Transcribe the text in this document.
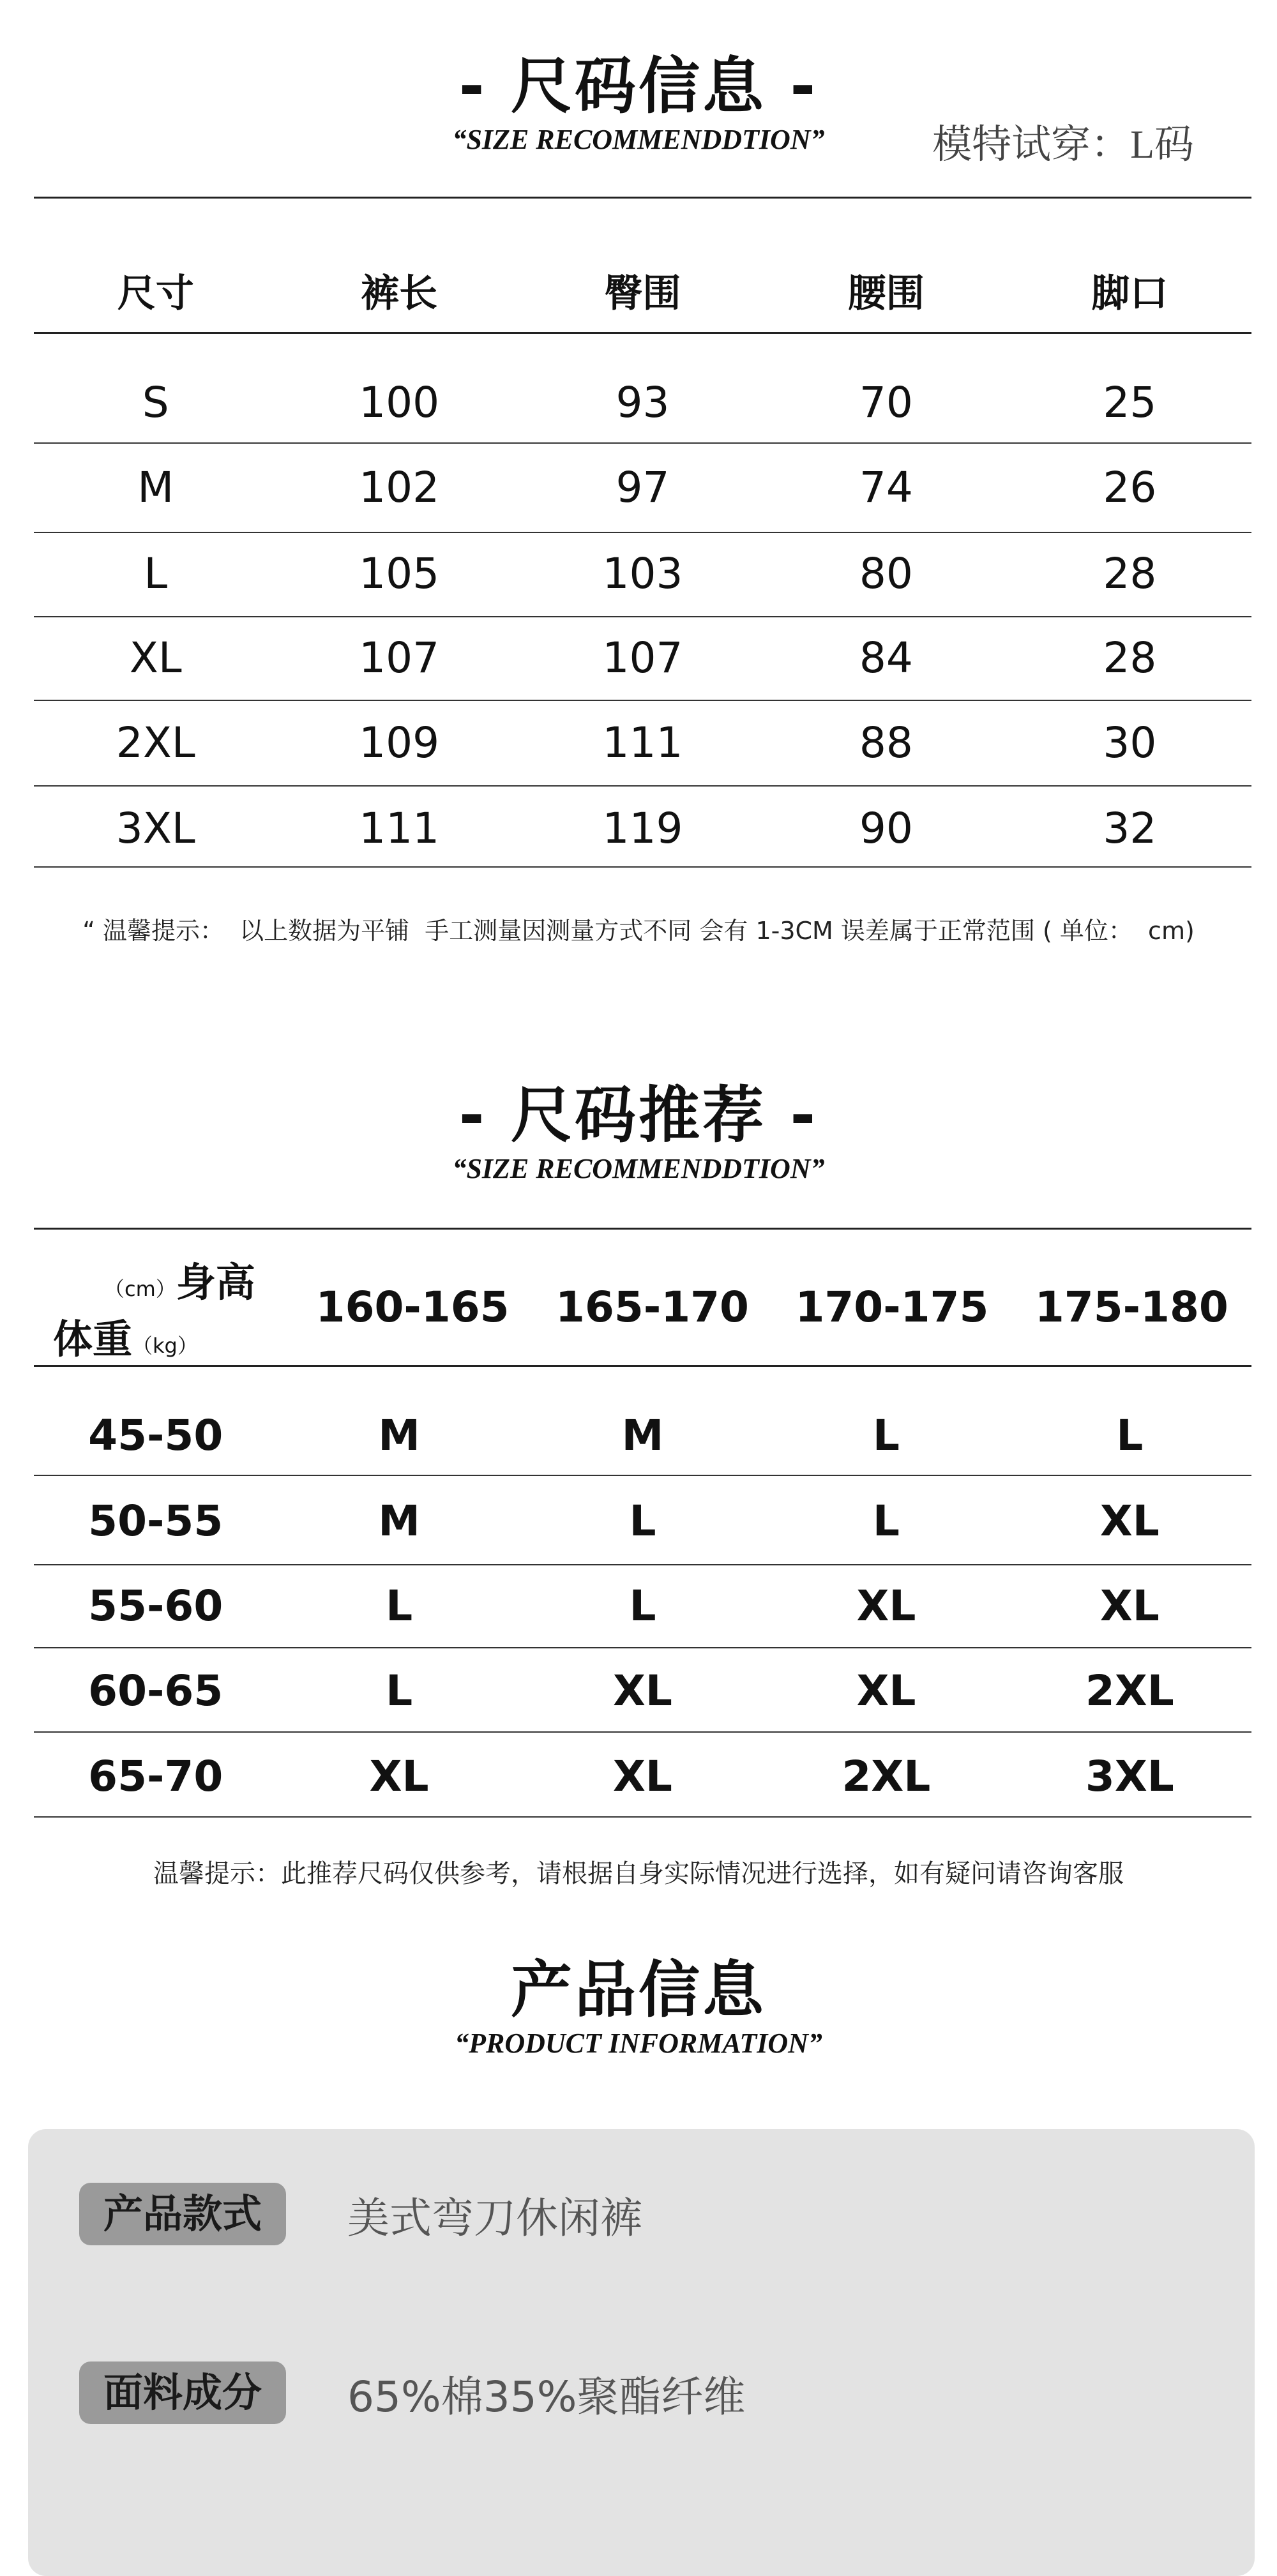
- 尺码信息 -
“SIZE RECOMMENDDTION”	模特试穿：L码
尺寸	裤长	臀围	腰围	脚口
S	100	93	70	25
M	102	97	74	26
L	105	103	80	28
XL	107	107	84	28
2XL	109	111	88	30
3XL	111	119	90	32
“ 温馨提示：  以上数据为平铺  手工测量因测量方式不同 会有 1-3CM 误差属于正常范围 ( 单位：  cm)
- 尺码推荐 -
“SIZE RECOMMENDDTION”
（cm）身高
体重（kg）
160-165	165-170	170-175	175-180
45-50	M	M	L	L
50-55	M	L	L	XL
55-60	L	L	XL	XL
60-65	L	XL	XL	2XL
65-70	XL	XL	2XL	3XL
温馨提示：此推荐尺码仅供参考，请根据自身实际情况进行选择，如有疑问请咨询客服
产品信息
“PRODUCT INFORMATION”
产品款式	美式弯刀休闲裤
面料成分	65%棉35%聚酯纤维
